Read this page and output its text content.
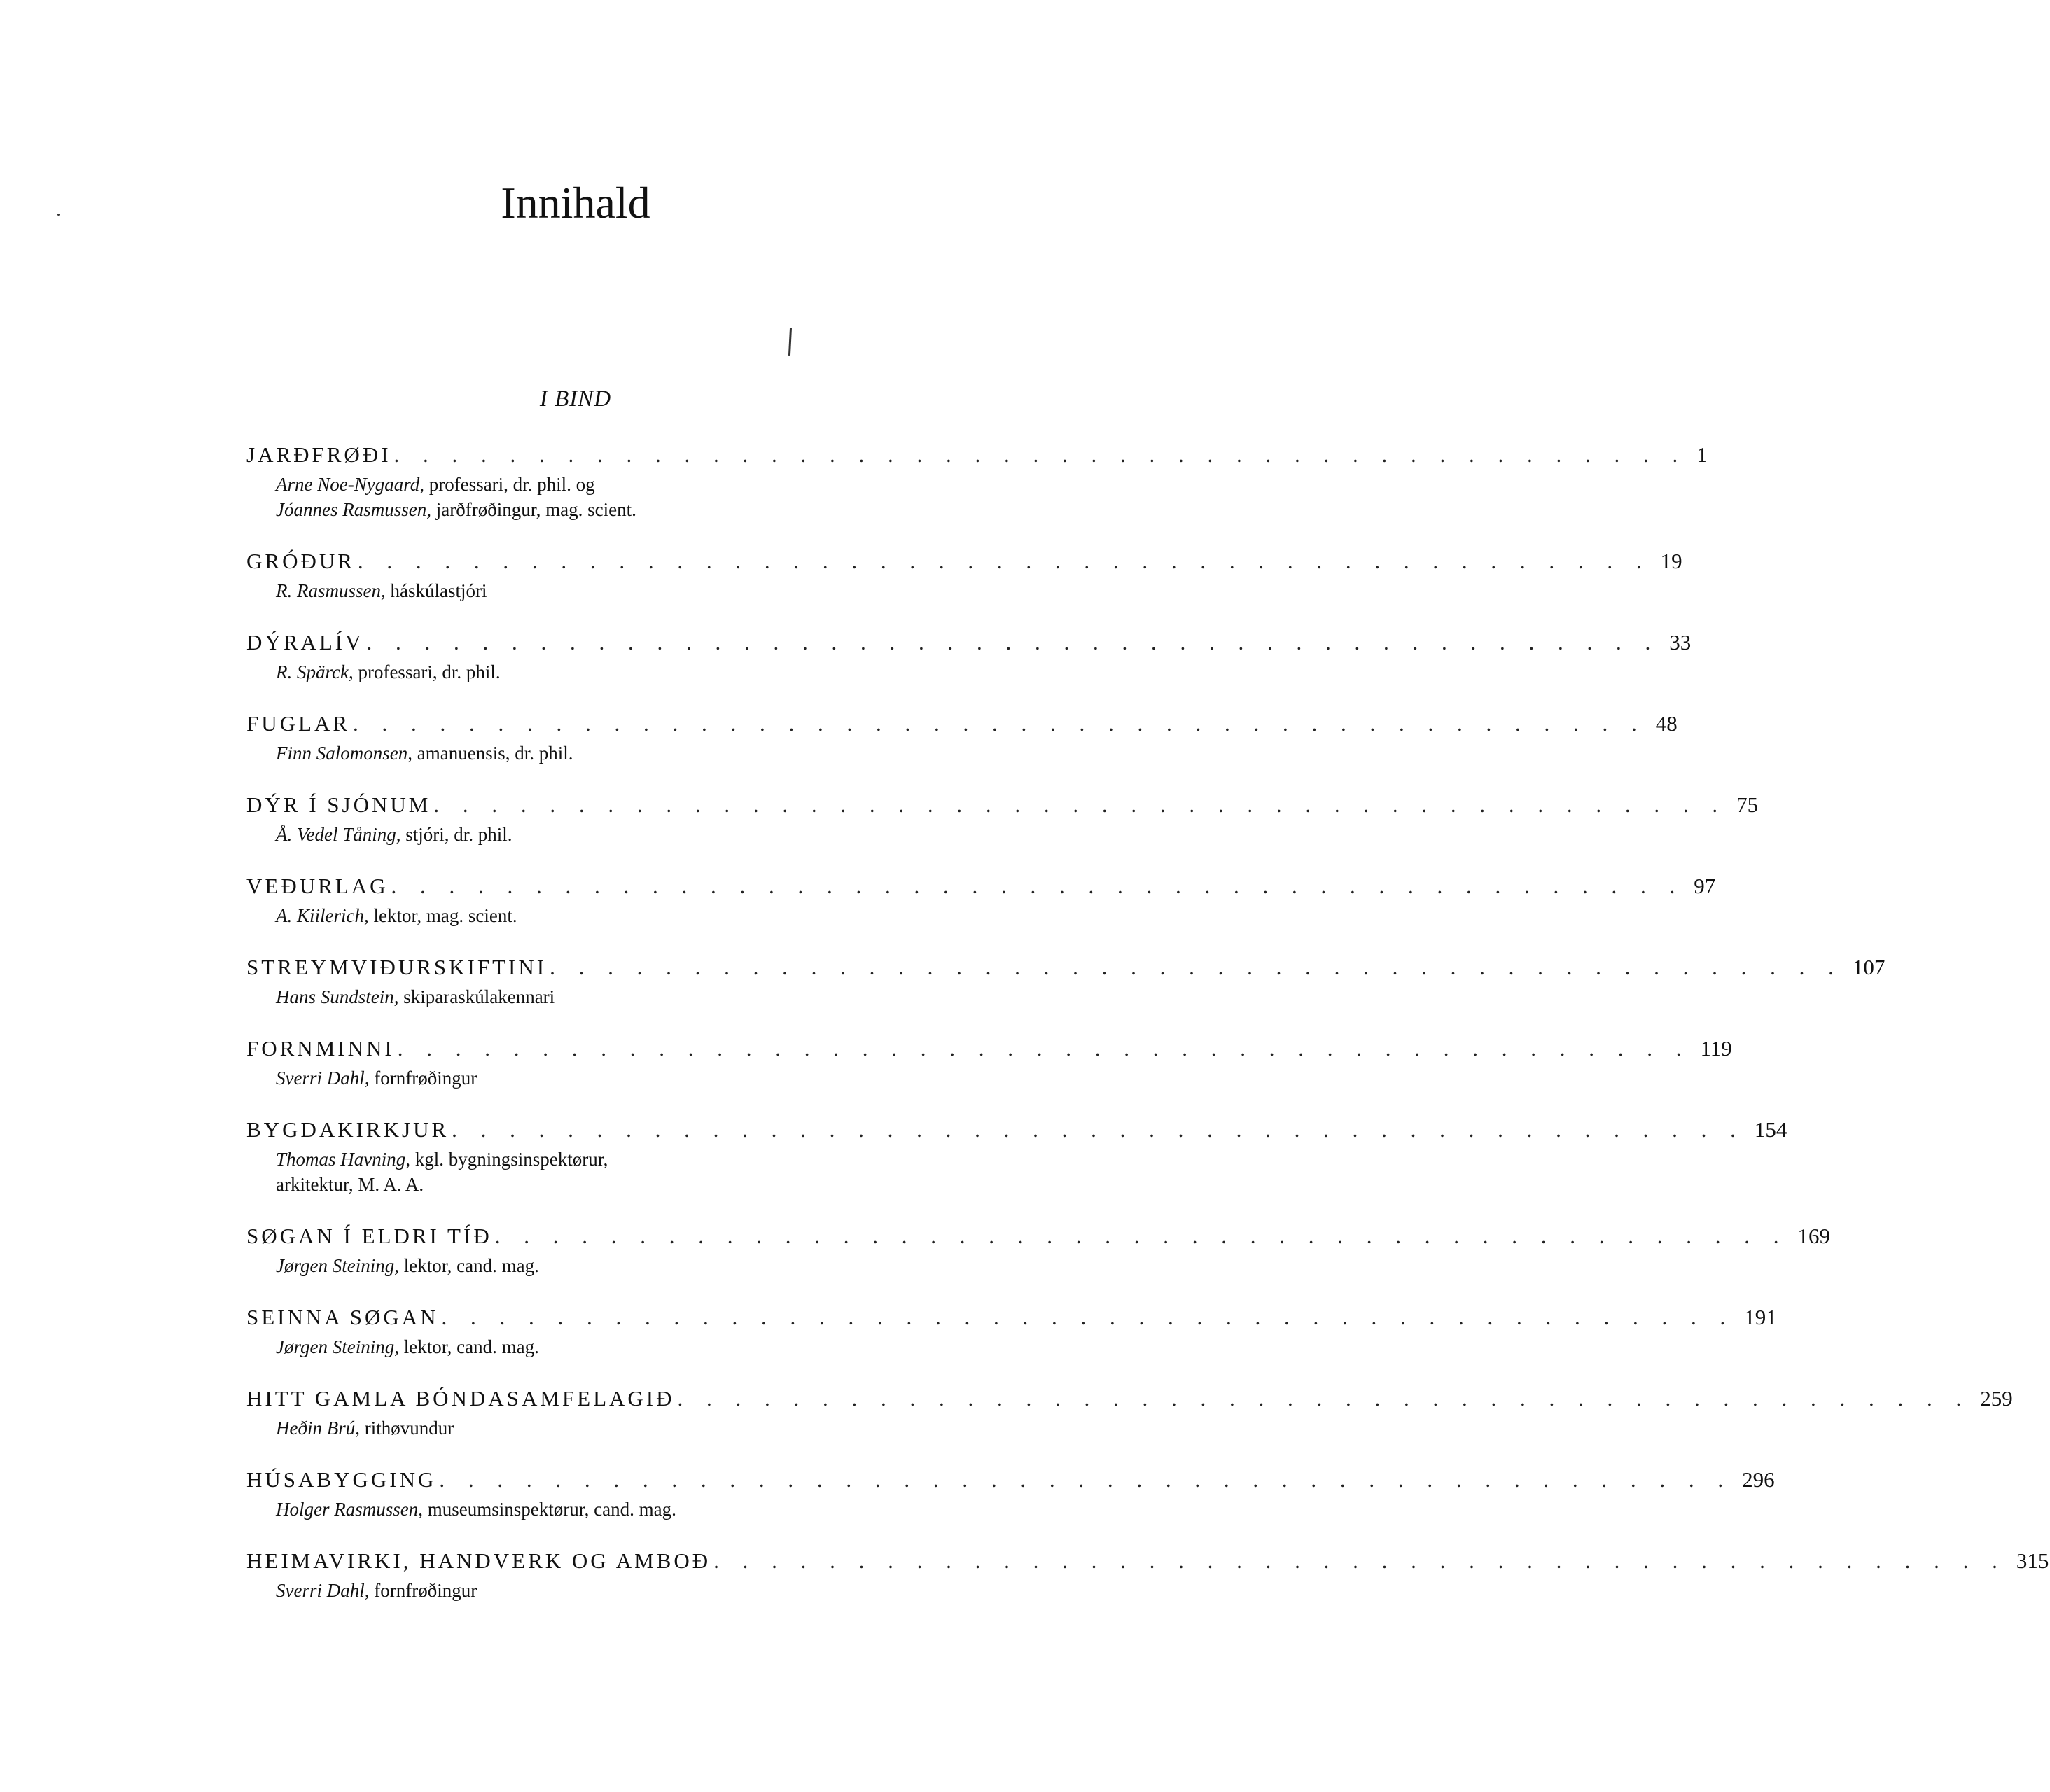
Innihald
I BIND
JARÐFRØÐI . . . . . . . . . . . . . . . . . . . . . . . . . . . . . . . . . . . . . . . . . . . . . 1
Arne Noe-Nygaard, professari, dr. phil. og
Jóannes Rasmussen, jarðfrøðingur, mag. scient.
GRÓÐUR . . . . . . . . . . . . . . . . . . . . . . . . . . . . . . . . . . . . . . . . . . . . . 19
R. Rasmussen, háskúlastjóri
DÝRALÍV . . . . . . . . . . . . . . . . . . . . . . . . . . . . . . . . . . . . . . . . . . . . . 33
R. Spärck, professari, dr. phil.
FUGLAR . . . . . . . . . . . . . . . . . . . . . . . . . . . . . . . . . . . . . . . . . . . . . 48
Finn Salomonsen, amanuensis, dr. phil.
DÝR Í SJÓNUM . . . . . . . . . . . . . . . . . . . . . . . . . . . . . . . . . . . . . . . . . . . . . 75
Å. Vedel Tåning, stjóri, dr. phil.
VEÐURLAG . . . . . . . . . . . . . . . . . . . . . . . . . . . . . . . . . . . . . . . . . . . . . 97
A. Kiilerich, lektor, mag. scient.
STREYMVIÐURSKIFTINI . . . . . . . . . . . . . . . . . . . . . . . . . . . . . . . . . . . . . . . . . . . . . 107
Hans Sundstein, skiparaskúlakennari
FORNMINNI . . . . . . . . . . . . . . . . . . . . . . . . . . . . . . . . . . . . . . . . . . . . . 119
Sverri Dahl, fornfrøðingur
BYGDAKIRKJUR . . . . . . . . . . . . . . . . . . . . . . . . . . . . . . . . . . . . . . . . . . . . . 154
Thomas Havning, kgl. bygningsinspektørur,
arkitektur, M. A. A.
SØGAN Í ELDRI TÍÐ . . . . . . . . . . . . . . . . . . . . . . . . . . . . . . . . . . . . . . . . . . . . . 169
Jørgen Steining, lektor, cand. mag.
SEINNA SØGAN . . . . . . . . . . . . . . . . . . . . . . . . . . . . . . . . . . . . . . . . . . . . . 191
Jørgen Steining, lektor, cand. mag.
HITT GAMLA BÓNDASAMFELAGIÐ . . . . . . . . . . . . . . . . . . . . . . . . . . . . . . . . . . . . . . . . . . . . . 259
Heðin Brú, rithøvundur
HÚSABYGGING . . . . . . . . . . . . . . . . . . . . . . . . . . . . . . . . . . . . . . . . . . . . . 296
Holger Rasmussen, museumsinspektørur, cand. mag.
HEIMAVIRKI, HANDVERK OG AMBOÐ . . . . . . . . . . . . . . . . . . . . . . . . . . . . . . . . . . . . . . . . . . . . . 315
Sverri Dahl, fornfrøðingur
